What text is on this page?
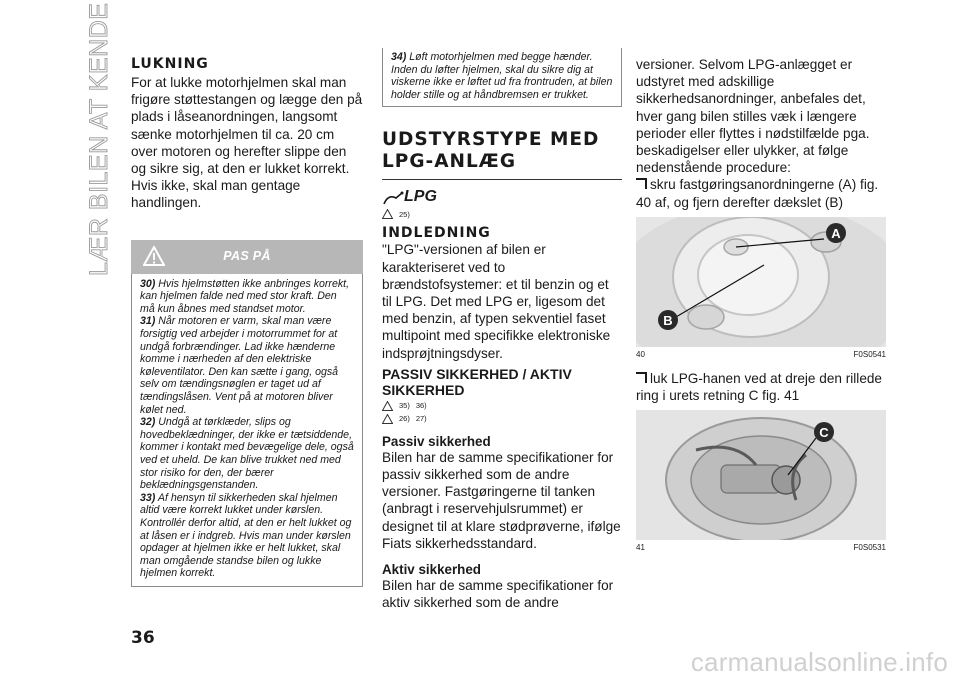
LÆR BILEN AT KENDE LUKNING

For at lukke motorhjelmen skal man frigøre støttestangen og lægge den på plads i låseanordningen, langsomt sænke motorhjelmen til ca. 20 cm over motoren og herefter slippe den og sikre sig, at den er lukket korrekt. Hvis ikke, skal man gentage handlingen.

PAS PÅ

30) Hvis hjelmstøtten ikke anbringes korrekt, kan hjelmen falde ned med stor kraft. Den må kun åbnes med standset motor.

31) Når motoren er varm, skal man være forsigtig ved arbejder i motorrummet for at undgå forbrændinger. Lad ikke hænderne komme i nærheden af den elektriske køleventilator. Den kan sætte i gang, også selv om tændingsnøglen er taget ud af tændingslåsen. Vent på at motoren bliver kølet ned.

32) Undgå at tørklæder, slips og hovedbeklædninger, der ikke er tætsiddende, kommer i kontakt med bevægelige dele, også ved et uheld. De kan blive trukket ned med stor risiko for den, der bærer beklædningsgenstanden.

33) Af hensyn til sikkerheden skal hjelmen altid være korrekt lukket under kørslen. Kontrollér derfor altid, at den er helt lukket og at låsen er i indgreb. Hvis man under kørslen opdager at hjelmen ikke er helt lukket, skal man omgående standse bilen og lukke hjelmen korrekt.

34) Løft motorhjelmen med begge hænder. Inden du løfter hjelmen, skal du sikre dig at viskerne ikke er løftet ud fra frontruden, at bilen holder stille og at håndbremsen er trukket.

UDSTYRSTYPE MED LPG-ANLÆG
LPG
25)
INDLEDNING

"LPG"-versionen af bilen er karakteriseret ved to brændstofsystemer: et til benzin og et til LPG. Det med LPG er, ligesom det med benzin, af typen sekventiel faset multipoint med specifikke elektroniske indsprøjtningsdyser.

PASSIV SIKKERHED / AKTIV SIKKERHED
35) 36)
26) 27)
Passiv sikkerhed

Bilen har de samme specifikationer for passiv sikkerhed som de andre versioner. Fastgøringerne til tanken (anbragt i reservehjulsrummet) er designet til at klare stødprøverne, ifølge Fiats sikkerhedsstandard.

Aktiv sikkerhed

Bilen har de samme specifikationer for aktiv sikkerhed som de andre

versioner. Selvom LPG-anlægget er udstyret med adskillige sikkerhedsanordninger, anbefales det, hver gang bilen stilles væk i længere perioder eller flyttes i nødstilfælde pga. beskadigelser eller ulykker, at følge nedenstående procedure:

skru fastgøringsanordningerne (A) fig. 40 af, og fjern derefter dækslet (B)

A
B
40	F0S0541

luk LPG-hanen ved at dreje den rillede ring i urets retning C fig. 41

C
41	F0S0531
36
carmanualsonline.info
